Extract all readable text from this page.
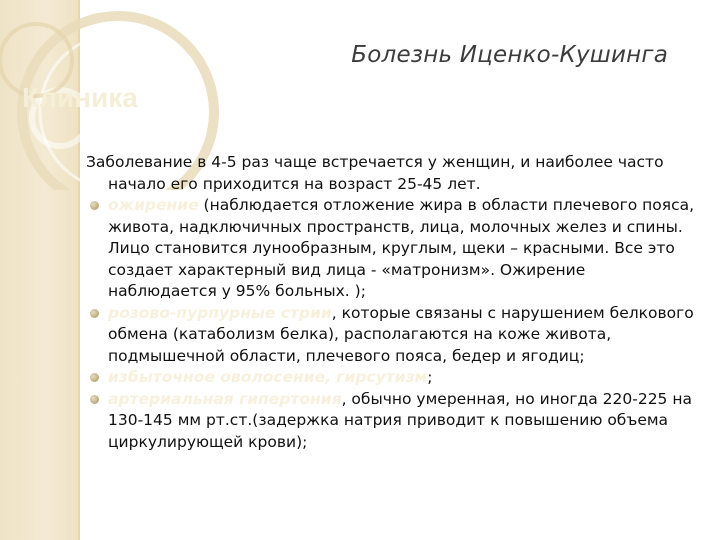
Болезнь Иценко-Кушинга
Клиника
Заболевание в 4-5 раз чаще встречается у женщин, и наиболее часто начало его приходится на возраст 25-45 лет.
ожирение (наблюдается отложение жира в области плечевого пояса, живота, надключичных пространств, лица, молочных желез и спины. Лицо становится лунообразным, круглым, щеки – красными. Все это создает характерный вид лица - «матронизм». Ожирение наблюдается у 95% больных. );
розово-пурпурные стрии, которые связаны с нарушением белкового обмена (катаболизм белка), располагаются на коже живота, подмышечной области, плечевого пояса, бедер и ягодиц;
избыточное оволосение, гирсутизм;
артериальная гипертония, обычно умеренная, но иногда 220-225 на 130-145 мм рт.ст.(задержка натрия приводит к повышению объема циркулирующей крови);
